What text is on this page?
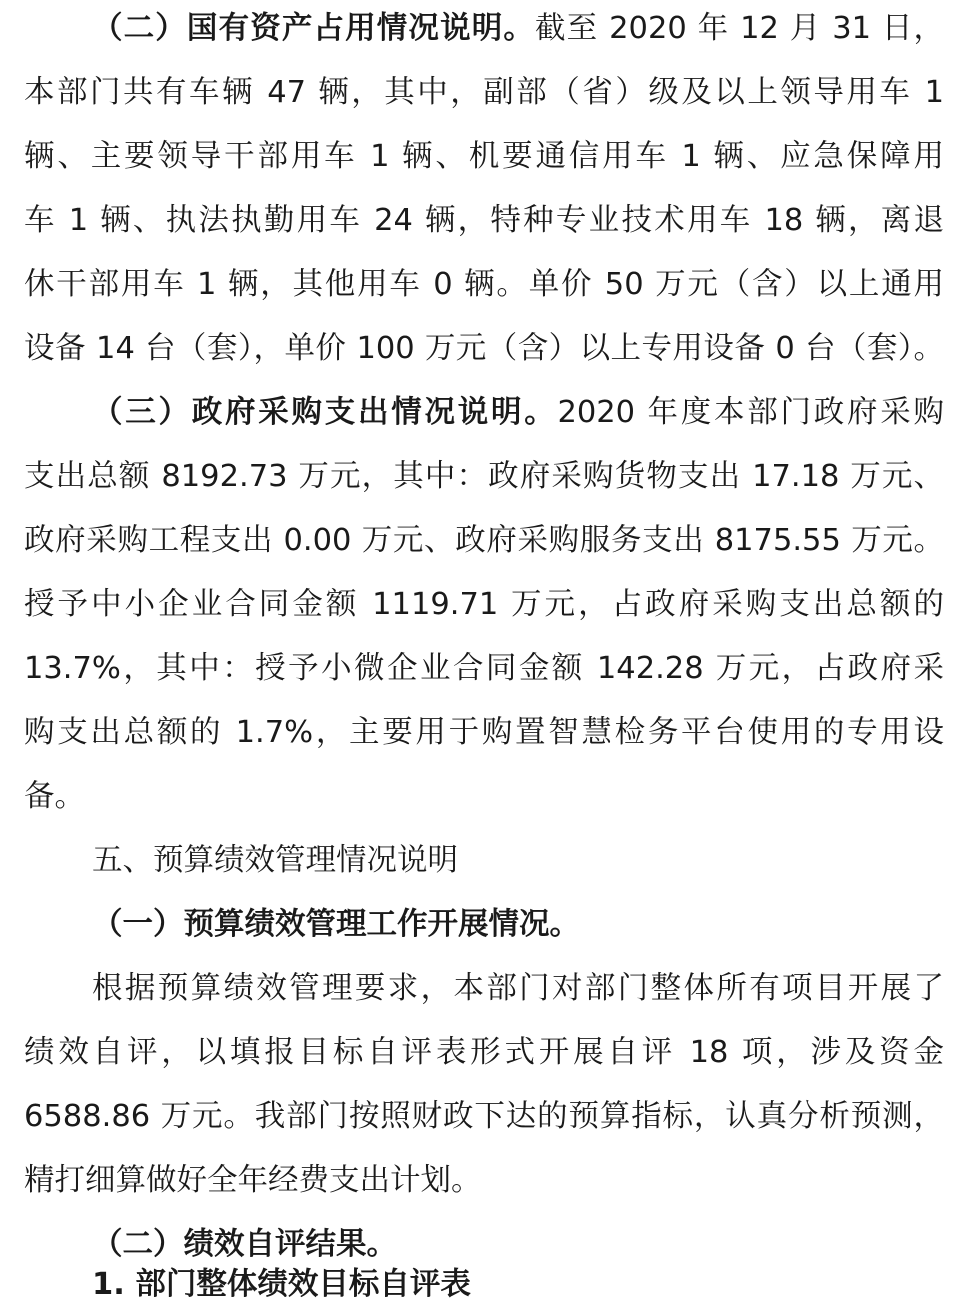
（二）国有资产占用情况说明。截至 2020 年 12 月 31 日，
本部门共有车辆 47 辆，其中，副部（省）级及以上领导用车 1
辆、主要领导干部用车 1 辆、机要通信用车 1 辆、应急保障用
车 1 辆、执法执勤用车 24 辆，特种专业技术用车 18 辆，离退
休干部用车 1 辆，其他用车 0 辆。单价 50 万元（含）以上通用
设备 14 台（套），单价 100 万元（含）以上专用设备 0 台（套）。
（三）政府采购支出情况说明。2020 年度本部门政府采购
支出总额 8192.73 万元，其中：政府采购货物支出 17.18 万元、
政府采购工程支出 0.00 万元、政府采购服务支出 8175.55 万元。
授予中小企业合同金额 1119.71 万元，占政府采购支出总额的
13.7%，其中：授予小微企业合同金额 142.28 万元，占政府采
购支出总额的 1.7%，主要用于购置智慧检务平台使用的专用设
备。
五、预算绩效管理情况说明
（一）预算绩效管理工作开展情况。
根据预算绩效管理要求，本部门对部门整体所有项目开展了
绩效自评，以填报目标自评表形式开展自评 18 项，涉及资金
6588.86 万元。我部门按照财政下达的预算指标，认真分析预测，
精打细算做好全年经费支出计划。
（二）绩效自评结果。
1. 部门整体绩效目标自评表
